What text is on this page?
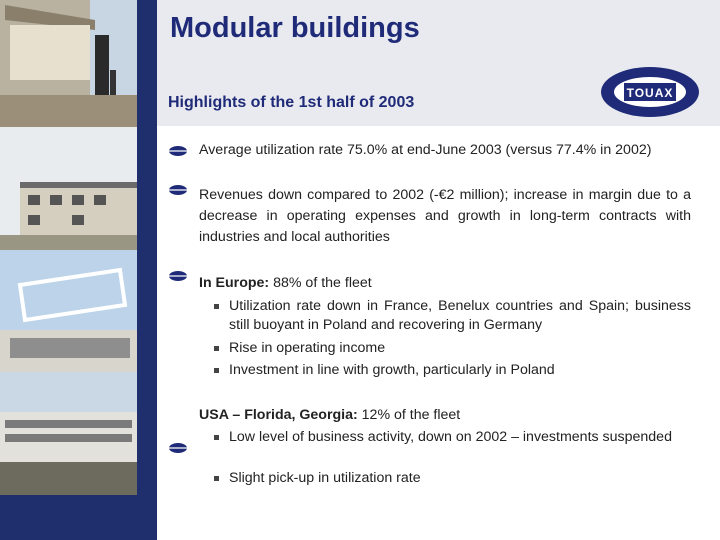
Modular buildings
Highlights of the 1st half of 2003
TOUAX
Average utilization rate 75.0% at end-June 2003 (versus 77.4% in 2002)
Revenues down compared to 2002 (-€2 million); increase in margin due to a decrease in operating expenses and growth in long-term contracts with industries and local authorities
In Europe: 88% of the fleet
Utilization rate down in France, Benelux countries and Spain; business still buoyant in Poland and recovering in Germany
Rise in operating income
Investment in line with growth, particularly in Poland
USA – Florida, Georgia: 12% of the fleet
Low level of business activity, down on 2002 – investments suspended
Slight pick-up in utilization rate
